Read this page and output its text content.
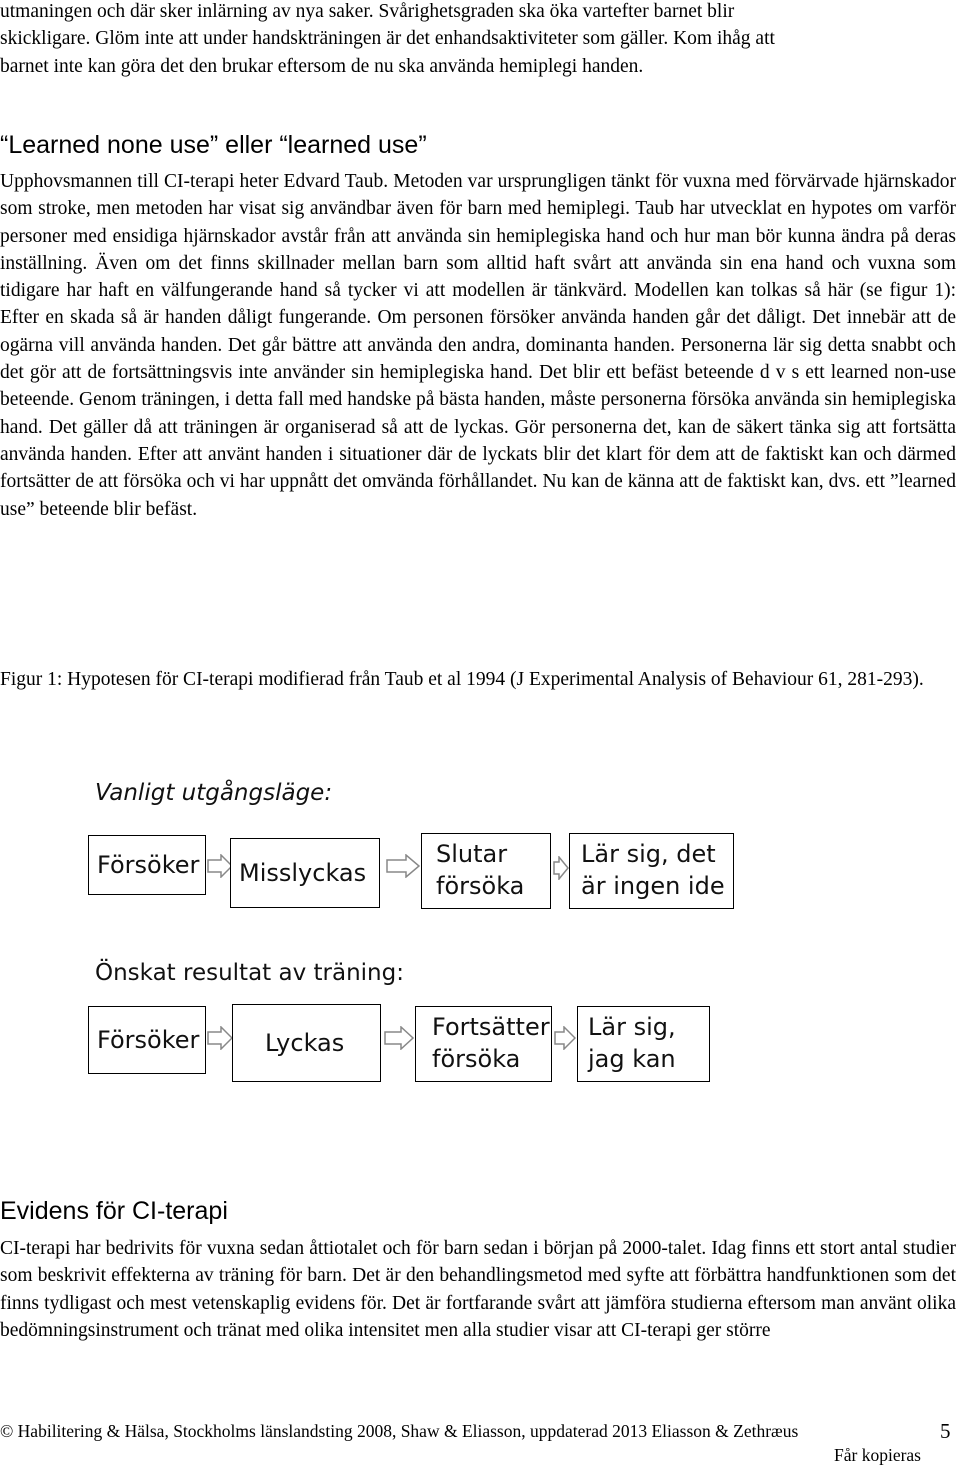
utmaningen och där sker inlärning av nya saker. Svårighetsgraden ska öka vartefter barnet blir
skickligare. Glöm inte att under handskträningen är det enhandsaktiviteter som gäller. Kom ihåg att
barnet inte kan göra det den brukar eftersom de nu ska använda hemiplegi handen.
“Learned none use” eller “learned use”

Upphovsmannen till CI-terapi heter Edvard Taub. Metoden var ursprungligen tänkt för vuxna med förvärvade hjärnskador som stroke, men metoden har visat sig användbar även för barn med hemiplegi. Taub har utvecklat en hypotes om varför personer med ensidiga hjärnskador avstår från att använda sin hemiplegiska hand och hur man bör kunna ändra på deras inställning. Även om det finns skillnader mellan barn som alltid haft svårt att använda sin ena hand och vuxna som tidigare har haft en välfungerande hand så tycker vi att modellen är tänkvärd. Modellen kan tolkas så här (se figur 1): Efter en skada så är handen dåligt fungerande. Om personen försöker använda handen går det dåligt. Det innebär att de ogärna vill använda handen. Det går bättre att använda den andra, dominanta handen. Personerna lär sig detta snabbt och det gör att de fortsättningsvis inte använder sin hemiplegiska hand. Det blir ett befäst beteende d v s ett learned non-use beteende. Genom träningen, i detta fall med handske på bästa handen, måste personerna försöka använda sin hemiplegiska hand. Det gäller då att träningen är organiserad så att de lyckas. Gör personerna det, kan de säkert tänka sig att fortsätta använda handen. Efter att använt handen i situationer där de lyckats blir det klart för dem att de faktiskt kan och därmed fortsätter de att försöka och vi har uppnått det omvända förhållandet. Nu kan de känna att de faktiskt kan, dvs. ett ”learned use” beteende blir befäst.

Figur 1: Hypotesen för CI-terapi modifierad från Taub et al 1994 (J Experimental Analysis of Behaviour 61, 281-293).

Vanligt utgångsläge:
Försöker	Misslyckas
Slutar
försöka
Lär sig, det
är ingen ide
Önskat resultat av träning:
Försöker	Lyckas
Fortsätter
försöka
Lär sig,
jag kan
Evidens för CI-terapi

CI-terapi har bedrivits för vuxna sedan åttiotalet och för barn sedan i början på 2000-talet. Idag finns ett stort antal studier som beskrivit effekterna av träning för barn. Det är den behandlingsmetod med syfte att förbättra handfunktionen som det finns tydligast och mest vetenskaplig evidens för. Det är fortfarande svårt att jämföra studierna eftersom man använt olika bedömningsinstrument och tränat med olika intensitet men alla studier visar att CI-terapi ger större

© Habilitering & Hälsa, Stockholms länslandsting 2008, Shaw & Eliasson, uppdaterad 2013 Eliasson & Zethræus	5
Får kopieras
